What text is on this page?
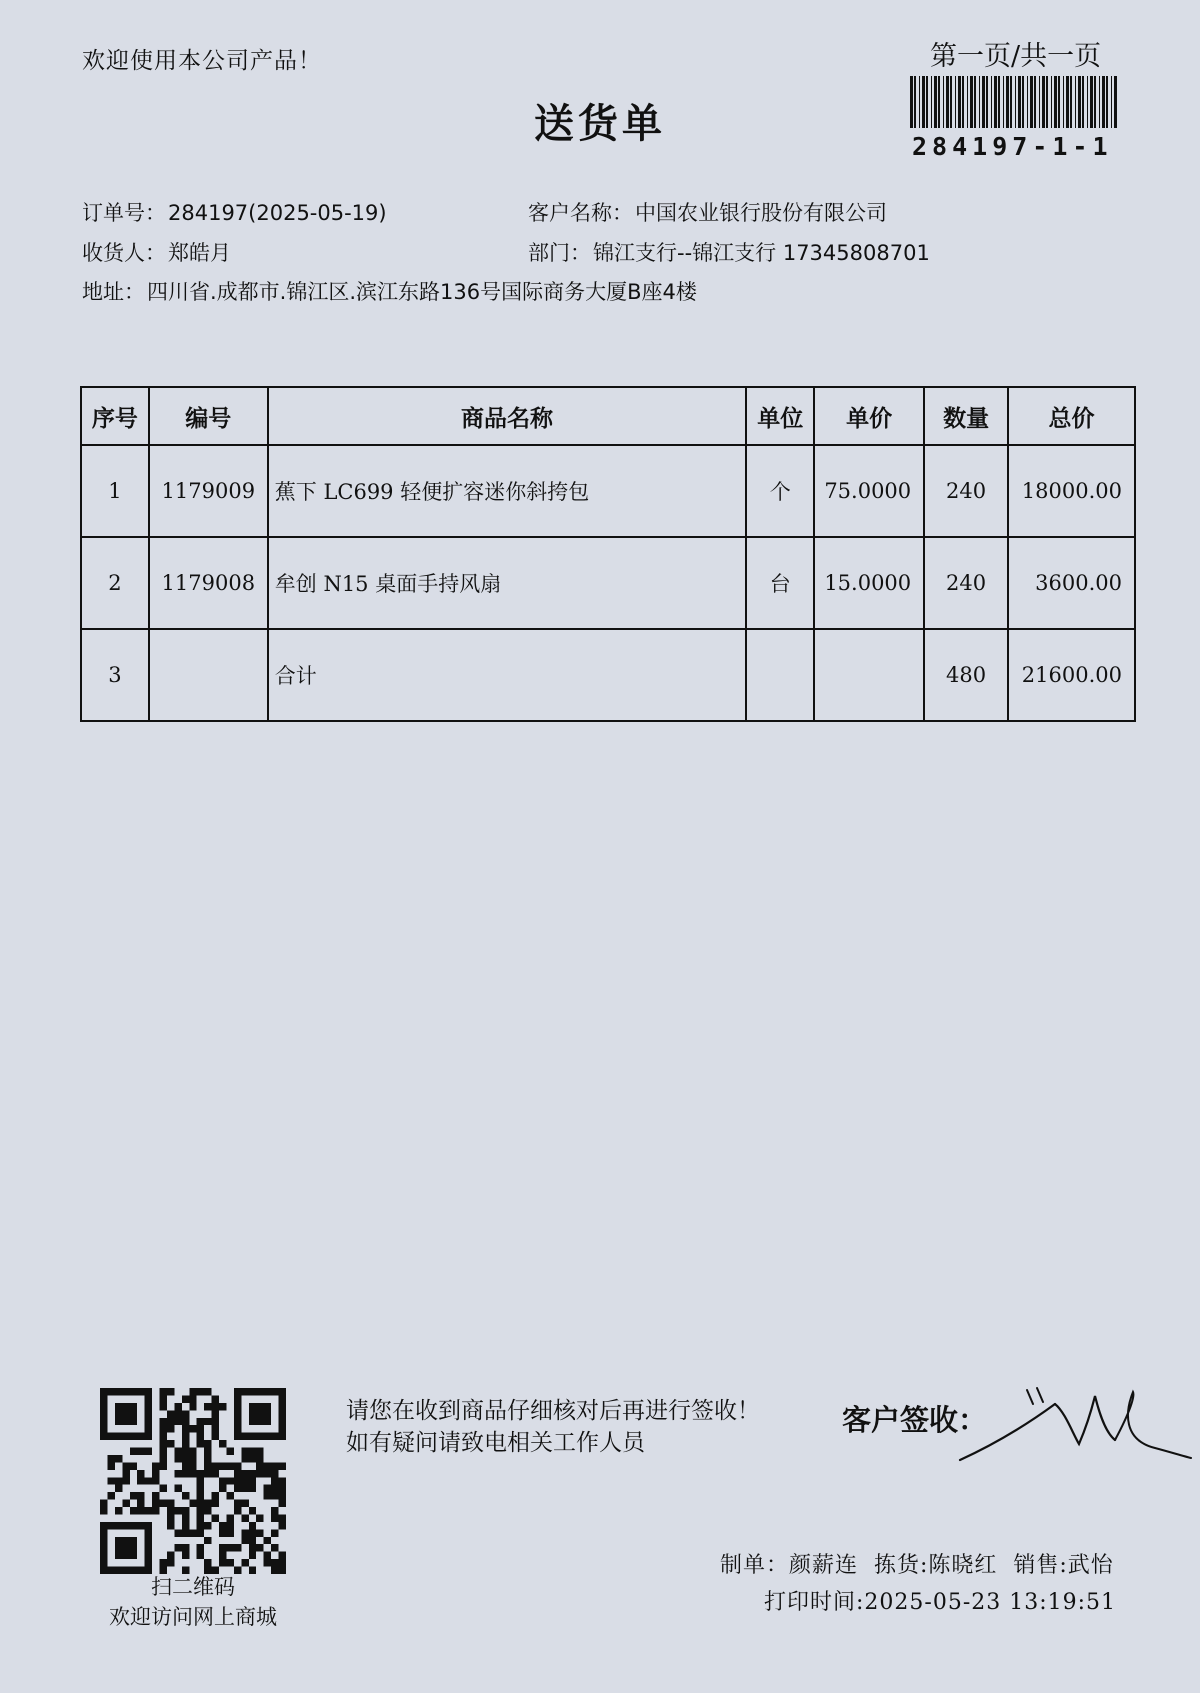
欢迎使用本公司产品！
送货单
第一页/共一页
284197-1-1
订单号：284197(2025-05-19)	客户名称：中国农业银行股份有限公司
收货人：郑皓月	部门：锦江支行--锦江支行 17345808701
地址：四川省.成都市.锦江区.滨江东路136号国际商务大厦B座4楼
序号	编号	商品名称	单位	单价	数量	总价
1	1179009	蕉下 LC699 轻便扩容迷你斜挎包	个	75.0000	240	18000.00
2	1179008	牟创 N15 桌面手持风扇	台	15.0000	240	3600.00
3		合计			480	21600.00
扫二维码
欢迎访问网上商城
请您在收到商品仔细核对后再进行签收！如有疑问请致电相关工作人员
客户签收：
制单：颜薪连  拣货:陈晓红  销售:武怡
打印时间:2025-05-23 13:19:51
